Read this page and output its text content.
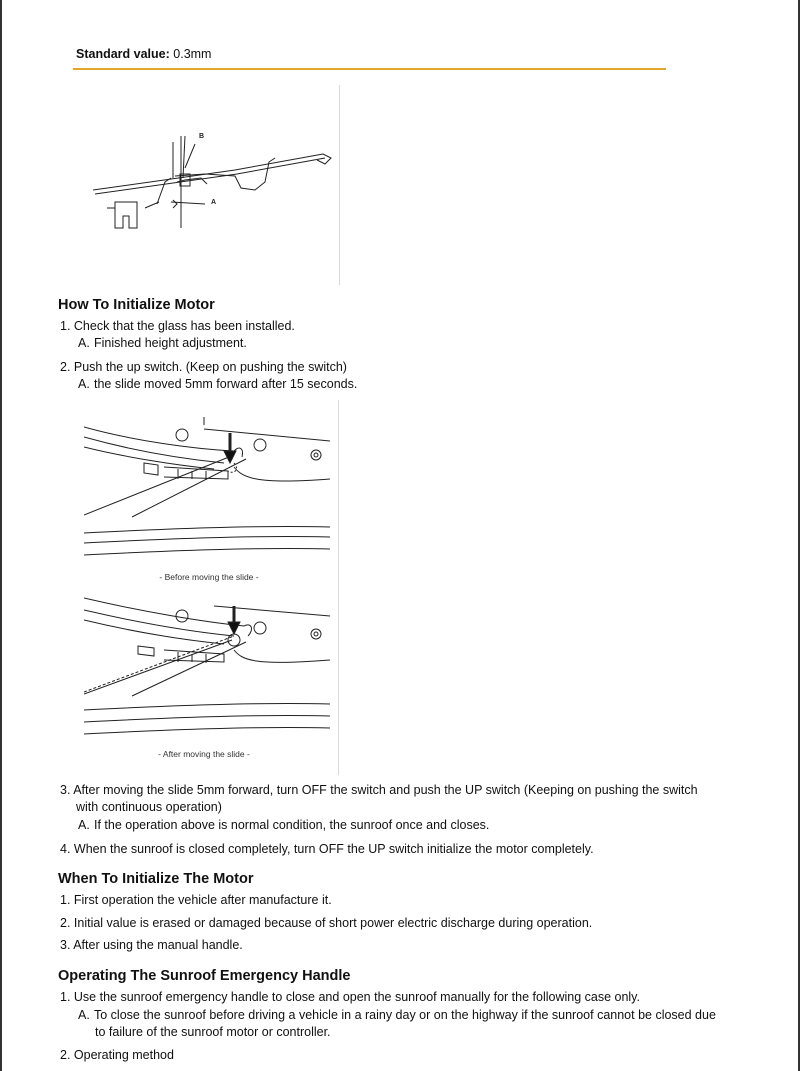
Standard value: 0.3mm
B
A
How To Initialize Motor
1. Check that the glass has been installed.
A. Finished height adjustment.
2. Push the up switch. (Keep on pushing the switch)
A. the slide moved 5mm forward after 15 seconds.
- Before moving the slide -
- After moving the slide -
3. After moving the slide 5mm forward, turn OFF the switch and push the UP switch (Keeping on pushing the switch
with continuous operation)
A. If the operation above is normal condition, the sunroof once and closes.
4. When the sunroof is closed completely, turn OFF the UP switch initialize the motor completely.
When To Initialize The Motor
1. First operation the vehicle after manufacture it.
2. Initial value is erased or damaged because of short power electric discharge during operation.
3. After using the manual handle.
Operating The Sunroof Emergency Handle
1. Use the sunroof emergency handle to close and open the sunroof manually for the following case only.
A. To close the sunroof before driving a vehicle in a rainy day or on the highway if the sunroof cannot be closed due
to failure of the sunroof motor or controller.
2. Operating method
